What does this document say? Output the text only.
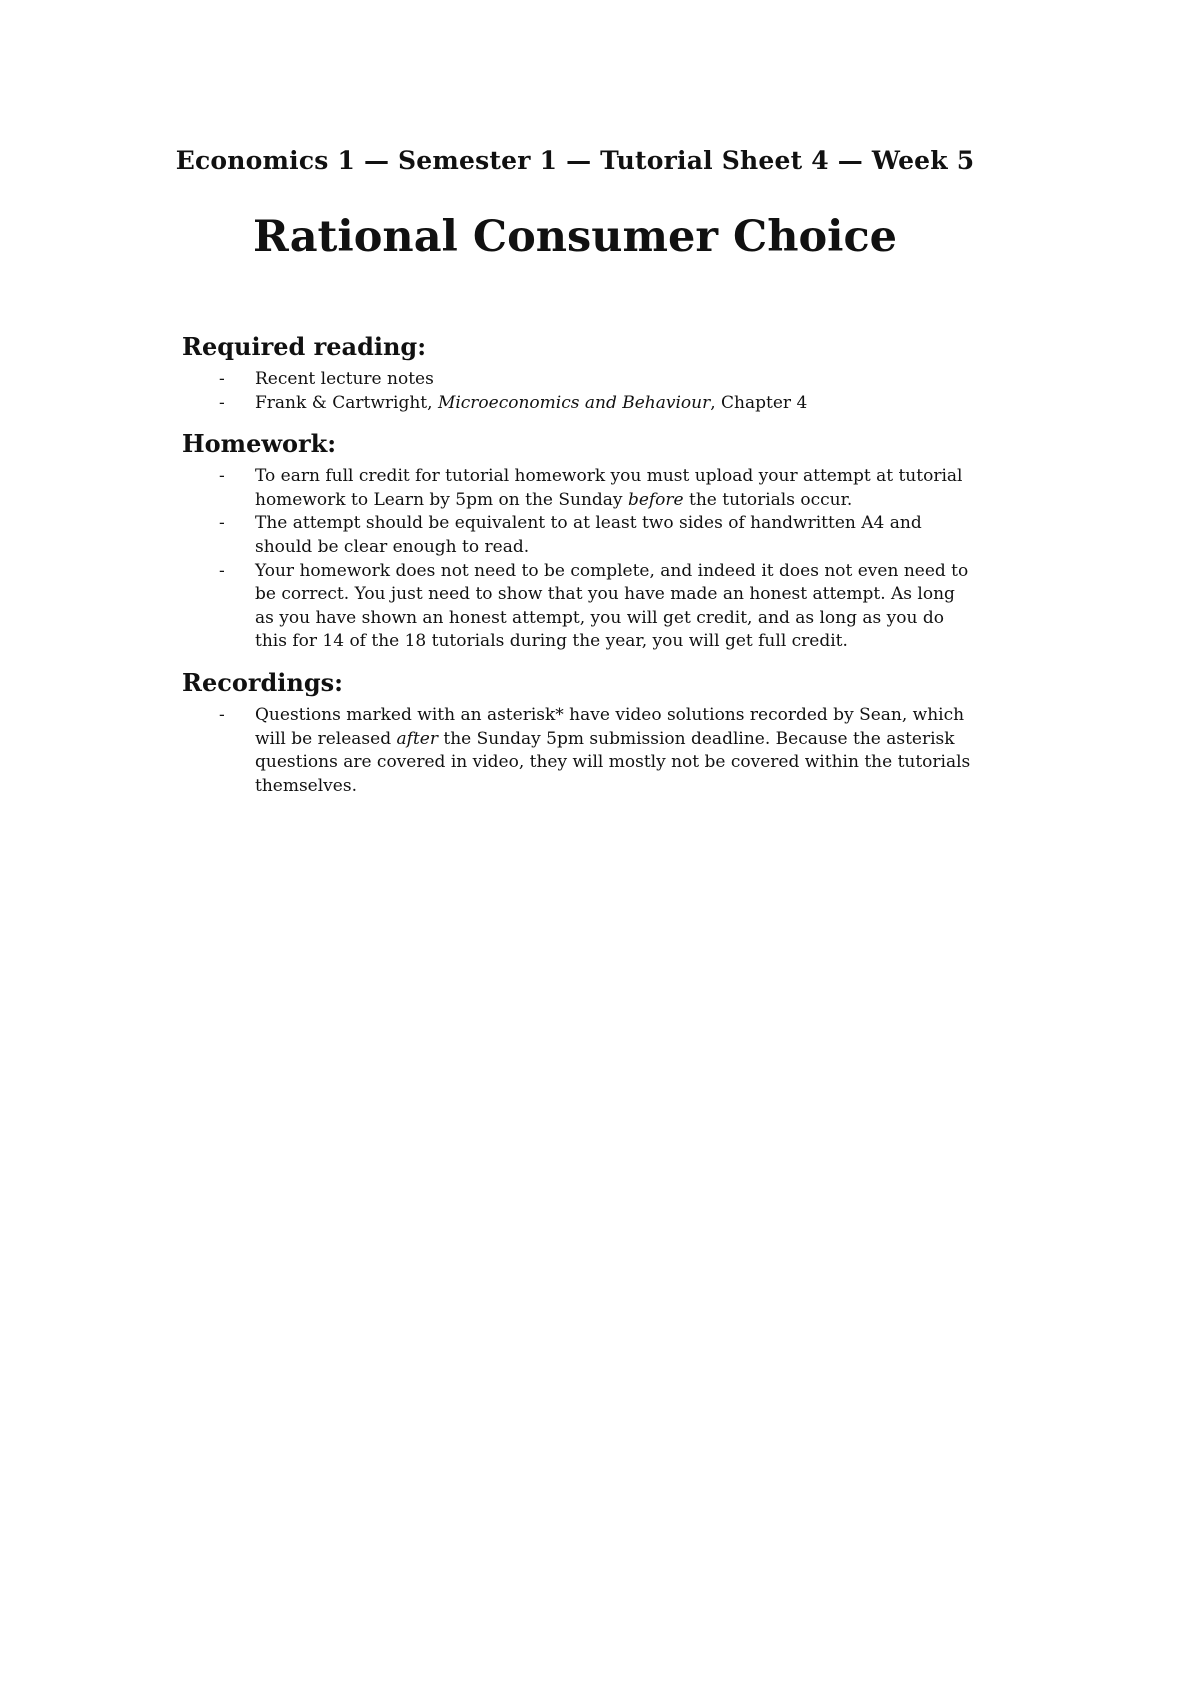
Economics 1 — Semester 1 — Tutorial Sheet 4 — Week 5
Rational Consumer Choice
Required reading:
- Recent lecture notes
- Frank & Cartwright, Microeconomics and Behaviour, Chapter 4
Homework:
- To earn full credit for tutorial homework you must upload your attempt at tutorial homework to Learn by 5pm on the Sunday before the tutorials occur.
- The attempt should be equivalent to at least two sides of handwritten A4 and should be clear enough to read.
- Your homework does not need to be complete, and indeed it does not even need to be correct. You just need to show that you have made an honest attempt. As long as you have shown an honest attempt, you will get credit, and as long as you do this for 14 of the 18 tutorials during the year, you will get full credit.
Recordings:
- Questions marked with an asterisk* have video solutions recorded by Sean, which will be released after the Sunday 5pm submission deadline. Because the asterisk questions are covered in video, they will mostly not be covered within the tutorials themselves.
